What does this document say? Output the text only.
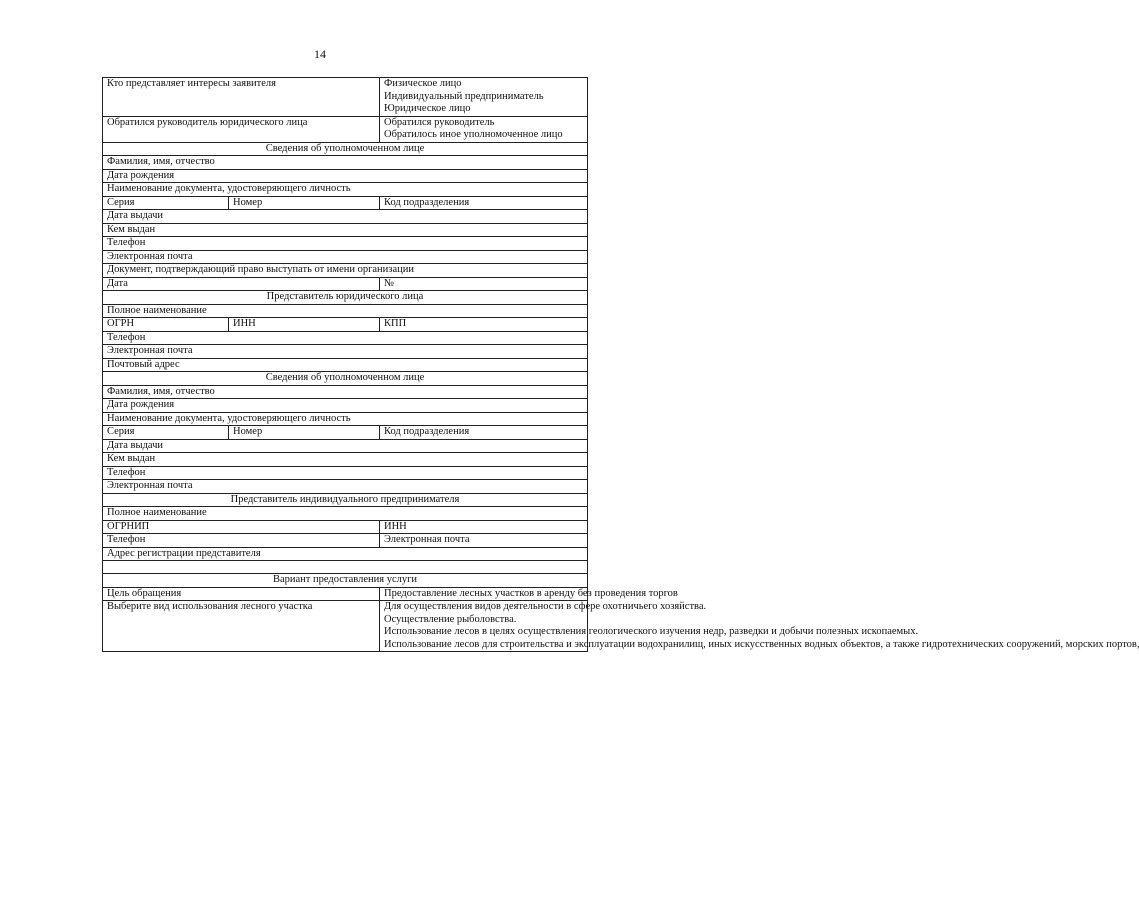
14
Кто представляет интересы заявителя		Физическое лицо
Индивидуальный предприниматель
Юридическое лицо

Обратился руководитель юридического лица		Обратился руководитель
Обратилось иное уполномоченное лицо

Сведения об уполномоченном лице		
Фамилия, имя, отчество		
Дата рождения		
Наименование документа, удостоверяющего личность		
Серия	Номер	Код подразделения
Дата выдачи		
Кем выдан		
Телефон		
Электронная почта		
Документ, подтверждающий право выступать от имени организации		
Дата		№
Представитель юридического лица		
Полное наименование		
ОГРН	ИНН	КПП
Телефон		
Электронная почта		
Почтовый адрес		
Сведения об уполномоченном лице		
Фамилия, имя, отчество		
Дата рождения		
Наименование документа, удостоверяющего личность		
Серия	Номер	Код подразделения
Дата выдачи		
Кем выдан		
Телефон		
Электронная почта		
Представитель индивидуального предпринимателя		
Полное наименование		
ОГРНИП		ИНН
Телефон		Электронная почта
Адрес регистрации представителя		

Вариант предоставления услуги		
Цель обращения		Предоставление лесных участков в аренду без проведения торгов
Выберите вид использования лесного участка		Для осуществления видов деятельности в сфере охотничьего хозяйства.
Осуществление рыболовства.
Использование лесов в целях осуществления геологического изучения недр, разведки и добычи полезных ископаемых.
Использование лесов для строительства и эксплуатации водохранилищ, иных искусственных водных объектов, а также гидротехнических сооружений, морских портов,
